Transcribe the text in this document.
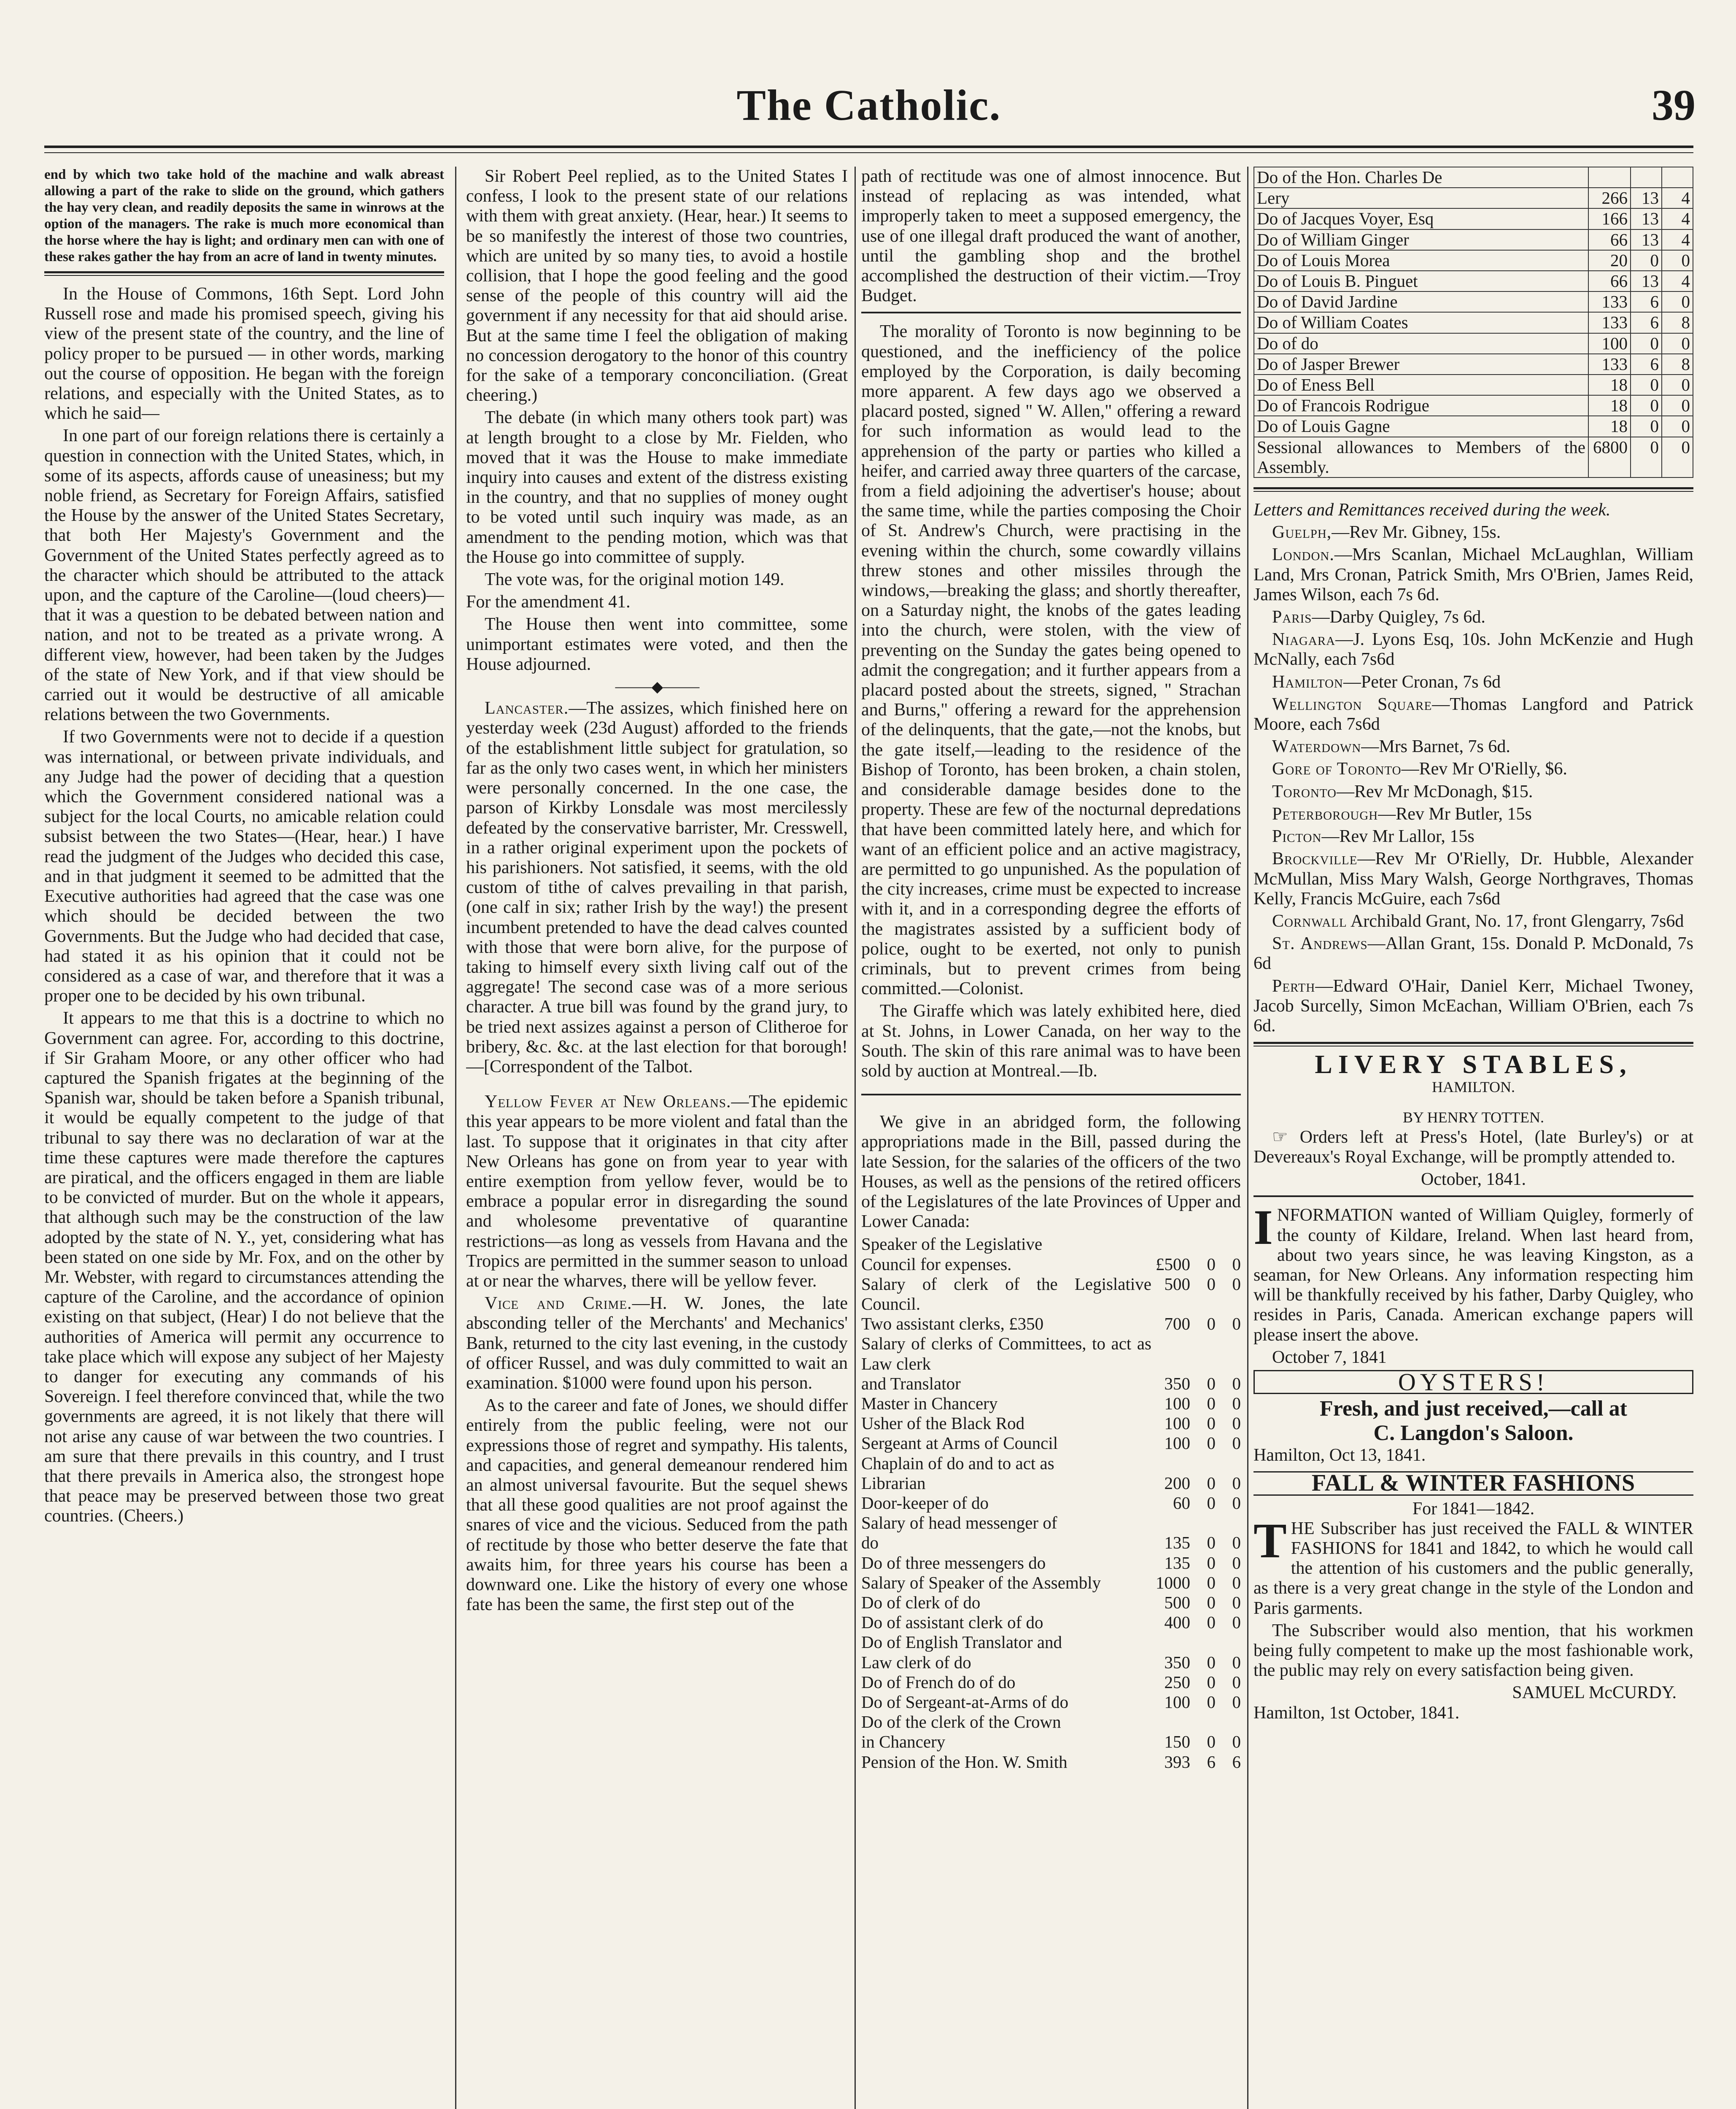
The Catholic.	39

end by which two take hold of the machine and walk abreast allowing a part of the rake to slide on the ground, which gathers the hay very clean, and readily deposits the same in winrows at the option of the managers. The rake is much more economical than the horse where the hay is light; and ordinary men can with one of these rakes gather the hay from an acre of land in twenty minutes.

In the House of Commons, 16th Sept. Lord John Russell rose and made his promised speech, giving his view of the present state of the country, and the line of policy proper to be pursued — in other words, marking out the course of opposition. He began with the foreign relations, and especially with the United States, as to which he said—

In one part of our foreign relations there is certainly a question in connection with the United States, which, in some of its aspects, affords cause of uneasiness; but my noble friend, as Secretary for Foreign Affairs, satisfied the House by the answer of the United States Secretary, that both Her Majesty's Government and the Government of the United States perfectly agreed as to the character which should be attributed to the attack upon, and the capture of the Caroline—(loud cheers)—that it was a question to be debated between nation and nation, and not to be treated as a private wrong. A different view, however, had been taken by the Judges of the state of New York, and if that view should be carried out it would be destructive of all amicable relations between the two Governments.

If two Governments were not to decide if a question was international, or between private individuals, and any Judge had the power of deciding that a question which the Government considered national was a subject for the local Courts, no amicable relation could subsist between the two States—(Hear, hear.) I have read the judgment of the Judges who decided this case, and in that judgment it seemed to be admitted that the Executive authorities had agreed that the case was one which should be decided between the two Governments. But the Judge who had decided that case, had stated it as his opinion that it could not be considered as a case of war, and therefore that it was a proper one to be decided by his own tribunal.

It appears to me that this is a doctrine to which no Government can agree. For, according to this doctrine, if Sir Graham Moore, or any other officer who had captured the Spanish frigates at the beginning of the Spanish war, should be taken before a Spanish tribunal, it would be equally competent to the judge of that tribunal to say there was no declaration of war at the time these captures were made therefore the captures are piratical, and the officers engaged in them are liable to be convicted of murder. But on the whole it appears, that although such may be the construction of the law adopted by the state of N. Y., yet, considering what has been stated on one side by Mr. Fox, and on the other by Mr. Webster, with regard to circumstances attending the capture of the Caroline, and the accordance of opinion existing on that subject, (Hear) I do not believe that the authorities of America will permit any occurrence to take place which will expose any subject of her Majesty to danger for executing any commands of his Sovereign. I feel therefore convinced that, while the two governments are agreed, it is not likely that there will not arise any cause of war between the two countries. I am sure that there prevails in this country, and I trust that there prevails in America also, the strongest hope that peace may be preserved between those two great countries. (Cheers.)

Sir Robert Peel replied, as to the United States I confess, I look to the present state of our relations with them with great anxiety. (Hear, hear.) It seems to be so manifestly the interest of those two countries, which are united by so many ties, to avoid a hostile collision, that I hope the good feeling and the good sense of the people of this country will aid the government if any necessity for that aid should arise. But at the same time I feel the obligation of making no concession derogatory to the honor of this country for the sake of a temporary conconciliation. (Great cheering.)

The debate (in which many others took part) was at length brought to a close by Mr. Fielden, who moved that it was the House to make immediate inquiry into causes and extent of the distress existing in the country, and that no supplies of money ought to be voted until such inquiry was made, as an amendment to the pending motion, which was that the House go into committee of supply.

The vote was, for the original motion 149.

For the amendment 41.

The House then went into committee, some unimportant estimates were voted, and then the House adjourned.

⸻◆⸻

Lancaster.—The assizes, which finished here on yesterday week (23d August) afforded to the friends of the establishment little subject for gratulation, so far as the only two cases went, in which her ministers were personally concerned. In the one case, the parson of Kirkby Lonsdale was most mercilessly defeated by the conservative barrister, Mr. Cresswell, in a rather original experiment upon the pockets of his parishioners. Not satisfied, it seems, with the old custom of tithe of calves prevailing in that parish, (one calf in six; rather Irish by the way!) the present incumbent pretended to have the dead calves counted with those that were born alive, for the purpose of taking to himself every sixth living calf out of the aggregate! The second case was of a more serious character. A true bill was found by the grand jury, to be tried next assizes against a person of Clitheroe for bribery, &c. &c. at the last election for that borough!—[Correspondent of the Talbot.

Yellow Fever at New Orleans.—The epidemic this year appears to be more violent and fatal than the last. To suppose that it originates in that city after New Orleans has gone on from year to year with entire exemption from yellow fever, would be to embrace a popular error in disregarding the sound and wholesome preventative of quarantine restrictions—as long as vessels from Havana and the Tropics are permitted in the summer season to unload at or near the wharves, there will be yellow fever.

Vice and Crime.—H. W. Jones, the late absconding teller of the Merchants' and Mechanics' Bank, returned to the city last evening, in the custody of officer Russel, and was duly committed to wait an examination. $1000 were found upon his person.

As to the career and fate of Jones, we should differ entirely from the public feeling, were not our expressions those of regret and sympathy. His talents, and capacities, and general demeanour rendered him an almost universal favourite. But the sequel shews that all these good qualities are not proof against the snares of vice and the vicious. Seduced from the path of rectitude by those who better deserve the fate that awaits him, for three years his course has been a downward one. Like the history of every one whose fate has been the same, the first step out of the

path of rectitude was one of almost innocence. But instead of replacing as was intended, what improperly taken to meet a supposed emergency, the use of one illegal draft produced the want of another, until the gambling shop and the brothel accomplished the destruction of their victim.—Troy Budget.

The morality of Toronto is now beginning to be questioned, and the inefficiency of the police employed by the Corporation, is daily becoming more apparent. A few days ago we observed a placard posted, signed " W. Allen," offering a reward for such information as would lead to the apprehension of the party or parties who killed a heifer, and carried away three quarters of the carcase, from a field adjoining the advertiser's house; about the same time, while the parties composing the Choir of St. Andrew's Church, were practising in the evening within the church, some cowardly villains threw stones and other missiles through the windows,—breaking the glass; and shortly thereafter, on a Saturday night, the knobs of the gates leading into the church, were stolen, with the view of preventing on the Sunday the gates being opened to admit the congregation; and it further appears from a placard posted about the streets, signed, " Strachan and Burns," offering a reward for the apprehension of the delinquents, that the gate,—not the knobs, but the gate itself,—leading to the residence of the Bishop of Toronto, has been broken, a chain stolen, and considerable damage besides done to the property. These are few of the nocturnal depredations that have been committed lately here, and which for want of an efficient police and an active magistracy, are permitted to go unpunished. As the population of the city increases, crime must be expected to increase with it, and in a corresponding degree the efforts of the magistrates assisted by a sufficient body of police, ought to be exerted, not only to punish criminals, but to prevent crimes from being committed.—Colonist.

The Giraffe which was lately exhibited here, died at St. Johns, in Lower Canada, on her way to the South. The skin of this rare animal was to have been sold by auction at Montreal.—Ib.

We give in an abridged form, the following appropriations made in the Bill, passed during the late Session, for the salaries of the officers of the two Houses, as well as the pensions of the retired officers of the Legislatures of the late Provinces of Upper and Lower Canada:

Speaker of the Legislative			
Council for expenses.	£500	0	0
Salary of clerk of the Legislative Council.	500	0	0
Two assistant clerks, £350	700	0	0
Salary of clerks of Committees, to act as Law clerk			
and Translator	350	0	0
Master in Chancery	100	0	0
Usher of the Black Rod	100	0	0
Sergeant at Arms of Council	100	0	0
Chaplain of do and to act as			
Librarian	200	0	0
Door-keeper of do	60	0	0
Salary of head messenger of			
do	135	0	0
Do of three messengers do	135	0	0
Salary of Speaker of the Assembly	1000	0	0
Do of clerk of do	500	0	0
Do of assistant clerk of do	400	0	0
Do of English Translator and			
Law clerk of do	350	0	0
Do of French do of do	250	0	0
Do of Sergeant-at-Arms of do	100	0	0
Do of the clerk of the Crown			
in Chancery	150	0	0
Pension of the Hon. W. Smith	393	6	6
Do of the Hon. Charles De			
Lery	266	13	4
Do of Jacques Voyer, Esq	166	13	4
Do of William Ginger	66	13	4
Do of Louis Morea	20	0	0
Do of Louis B. Pinguet	66	13	4
Do of David Jardine	133	6	0
Do of William Coates	133	6	8
Do of do	100	0	0
Do of Jasper Brewer	133	6	8
Do of Eness Bell	18	0	0
Do of Francois Rodrigue	18	0	0
Do of Louis Gagne	18	0	0
Sessional allowances to Members of the Assembly.	6800	0	0

Letters and Remittances received during the week.

Guelph,—Rev Mr. Gibney, 15s.

London.—Mrs Scanlan, Michael McLaughlan, William Land, Mrs Cronan, Patrick Smith, Mrs O'Brien, James Reid, James Wilson, each 7s 6d.

Paris—Darby Quigley, 7s 6d.

Niagara—J. Lyons Esq, 10s. John McKenzie and Hugh McNally, each 7s6d

Hamilton—Peter Cronan, 7s 6d

Wellington Square—Thomas Langford and Patrick Moore, each 7s6d

Waterdown—Mrs Barnet, 7s 6d.

Gore of Toronto—Rev Mr O'Rielly, $6.

Toronto—Rev Mr McDonagh, $15.

Peterborough—Rev Mr Butler, 15s

Picton—Rev Mr Lallor, 15s

Brockville—Rev Mr O'Rielly, Dr. Hubble, Alexander McMullan, Miss Mary Walsh, George Northgraves, Thomas Kelly, Francis McGuire, each 7s6d

Cornwall Archibald Grant, No. 17, front Glengarry, 7s6d

St. Andrews—Allan Grant, 15s. Donald P. McDonald, 7s 6d

Perth—Edward O'Hair, Daniel Kerr, Michael Twoney, Jacob Surcelly, Simon McEachan, William O'Brien, each 7s 6d.

LIVERY STABLES,
HAMILTON.
BY HENRY TOTTEN.

☞ Orders left at Press's Hotel, (late Burley's) or at Devereaux's Royal Exchange, will be promptly attended to.

October, 1841.

INFORMATION wanted of William Quigley, formerly of the county of Kildare, Ireland. When last heard from, about two years since, he was leaving Kingston, as a seaman, for New Orleans. Any information respecting him will be thankfully received by his father, Darby Quigley, who resides in Paris, Canada. American exchange papers will please insert the above.

October 7, 1841

OYSTERS!
Fresh, and just received,—call at
C. Langdon's Saloon.
Hamilton, Oct 13, 1841.
FALL & WINTER FASHIONS
For 1841—1842.

THE Subscriber has just received the FALL & WINTER FASHIONS for 1841 and 1842, to which he would call the attention of his customers and the public generally, as there is a very great change in the style of the London and Paris garments.

The Subscriber would also mention, that his workmen being fully competent to make up the most fashionable work, the public may rely on every satisfaction being given.

SAMUEL McCURDY.
Hamilton, 1st October, 1841.
